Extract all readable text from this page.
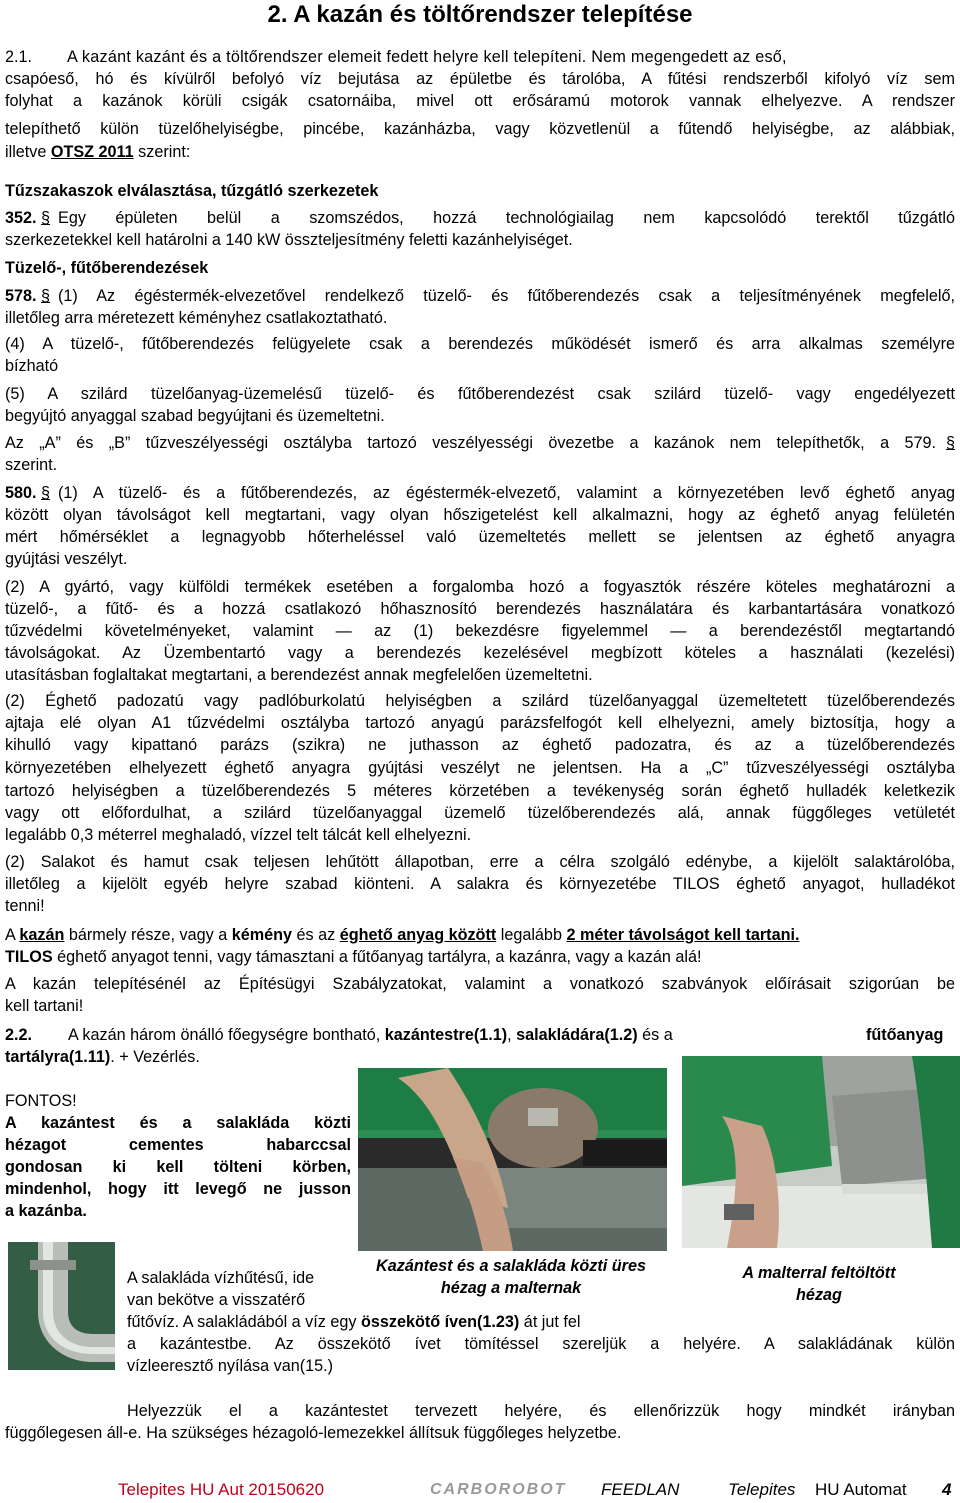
2. A kazán és töltőrendszer telepítése
2.1. A kazánt kazánt és a töltőrendszer elemeit fedett helyre kell telepíteni. Nem megengedett az eső,
csapóeső, hó és kívülről befolyó víz bejutása az épületbe és tárolóba, A fűtési rendszerből kifolyó víz sem
folyhat a kazánok körüli csigák csatornáiba, mivel ott erősáramú motorok vannak elhelyezve. A rendszer
telepíthető külön tüzelőhelyiségbe, pincébe, kazánházba, vagy közvetlenül a fűtendő helyiségbe, az alábbiak,
illetve OTSZ 2011 szerint:
Tűzszakaszok elválasztása, tűzgátló szerkezetek
352. § Egy épületen belül a szomszédos, hozzá technológiailag nem kapcsolódó terektől tűzgátló
szerkezetekkel kell határolni a 140 kW összteljesítmény feletti kazánhelyiséget.
Tüzelő-, fűtőberendezések
578. § (1) Az égéstermék-elvezetővel rendelkező tüzelő- és fűtőberendezés csak a teljesítményének megfelelő,
illetőleg arra méretezett kéményhez csatlakoztatható.
(4) A tüzelő-, fűtőberendezés felügyelete csak a berendezés működését ismerő és arra alkalmas személyre
bízható
(5) A szilárd tüzelőanyag-üzemelésű tüzelő- és fűtőberendezést csak szilárd tüzelő- vagy engedélyezett
begyújtó anyaggal szabad begyújtani és üzemeltetni.
Az „A” és „B” tűzveszélyességi osztályba tartozó veszélyességi övezetbe a kazánok nem telepíthetők, a 579. §
szerint.
580. § (1) A tüzelő- és a fűtőberendezés, az égéstermék-elvezető, valamint a környezetében levő éghető anyag
között olyan távolságot kell megtartani, vagy olyan hőszigetelést kell alkalmazni, hogy az éghető anyag felületén
mért hőmérséklet a legnagyobb hőterheléssel való üzemeltetés mellett se jelentsen az éghető anyagra
gyújtási veszélyt.
(2) A gyártó, vagy külföldi termékek esetében a forgalomba hozó a fogyasztók részére köteles meghatározni a
tüzelő-, a fűtő- és a hozzá csatlakozó hőhasznosító berendezés használatára és karbantartására vonatkozó
tűzvédelmi követelményeket, valamint — az (1) bekezdésre figyelemmel — a berendezéstől megtartandó
távolságokat. Az Üzembentartó vagy a berendezés kezelésével megbízott köteles a használati (kezelési)
utasításban foglaltakat megtartani, a berendezést annak megfelelően üzemeltetni.
(2) Éghető padozatú vagy padlóburkolatú helyiségben a szilárd tüzelőanyaggal üzemeltetett tüzelőberendezés
ajtaja elé olyan A1 tűzvédelmi osztályba tartozó anyagú parázsfelfogót kell elhelyezni, amely biztosítja, hogy a
kihulló vagy kipattanó parázs (szikra) ne juthasson az éghető padozatra, és az a tüzelőberendezés
környezetében elhelyezett éghető anyagra gyújtási veszélyt ne jelentsen. Ha a „C” tűzveszélyességi osztályba
tartozó helyiségben a tüzelőberendezés 5 méteres körzetében a tevékenység során éghető hulladék keletkezik
vagy ott előfordulhat, a szilárd tüzelőanyaggal üzemelő tüzelőberendezés alá, annak függőleges vetületét
legalább 0,3 méterrel meghaladó, vízzel telt tálcát kell elhelyezni.
(2) Salakot és hamut csak teljesen lehűtött állapotban, erre a célra szolgáló edénybe, a kijelölt salaktárolóba,
illetőleg a kijelölt egyéb helyre szabad kiönteni. A salakra és környezetébe TILOS éghető anyagot, hulladékot
tenni!
A kazán bármely része, vagy a kémény és az éghető anyag között legalább 2 méter távolságot kell tartani.
TILOS éghető anyagot tenni, vagy támasztani a fűtőanyag tartályra, a kazánra, vagy a kazán alá!
A kazán telepítésénél az Építésügyi Szabályzatokat, valamint a vonatkozó szabványok előírásait szigorúan be
kell tartani!
2.2. A kazán három önálló főegységre bontható, kazántestre(1.1), salakládára(1.2) és a	fűtőanyag
tartályra(1.11). + Vezérlés.
FONTOS!
A kazántest és a salakláda közti
hézagot cementes habarccsal
gondosan ki kell tölteni körben,
mindenhol, hogy itt levegő ne jusson
a kazánba.
Kazántest és a salakláda közti üres hézag a malternak
A malterral feltöltött hézag
A salakláda vízhűtésű, ide
van bekötve a visszatérő
fűtővíz. A salakládából a víz egy összekötő íven(1.23) át jut fel
a kazántestbe. Az összekötő ívet tömítéssel szereljük a helyére. A salakládának külön
vízleeresztő nyílása van(15.)
Helyezzük el a kazántestet tervezett helyére, és ellenőrizzük hogy mindkét irányban
függőlegesen áll-e. Ha szükséges hézagoló-lemezekkel állítsuk függőleges helyzetbe.
Telepites HU Aut 20150620	CARBOROBOT FEEDLAN	Telepites HU Automat 4
